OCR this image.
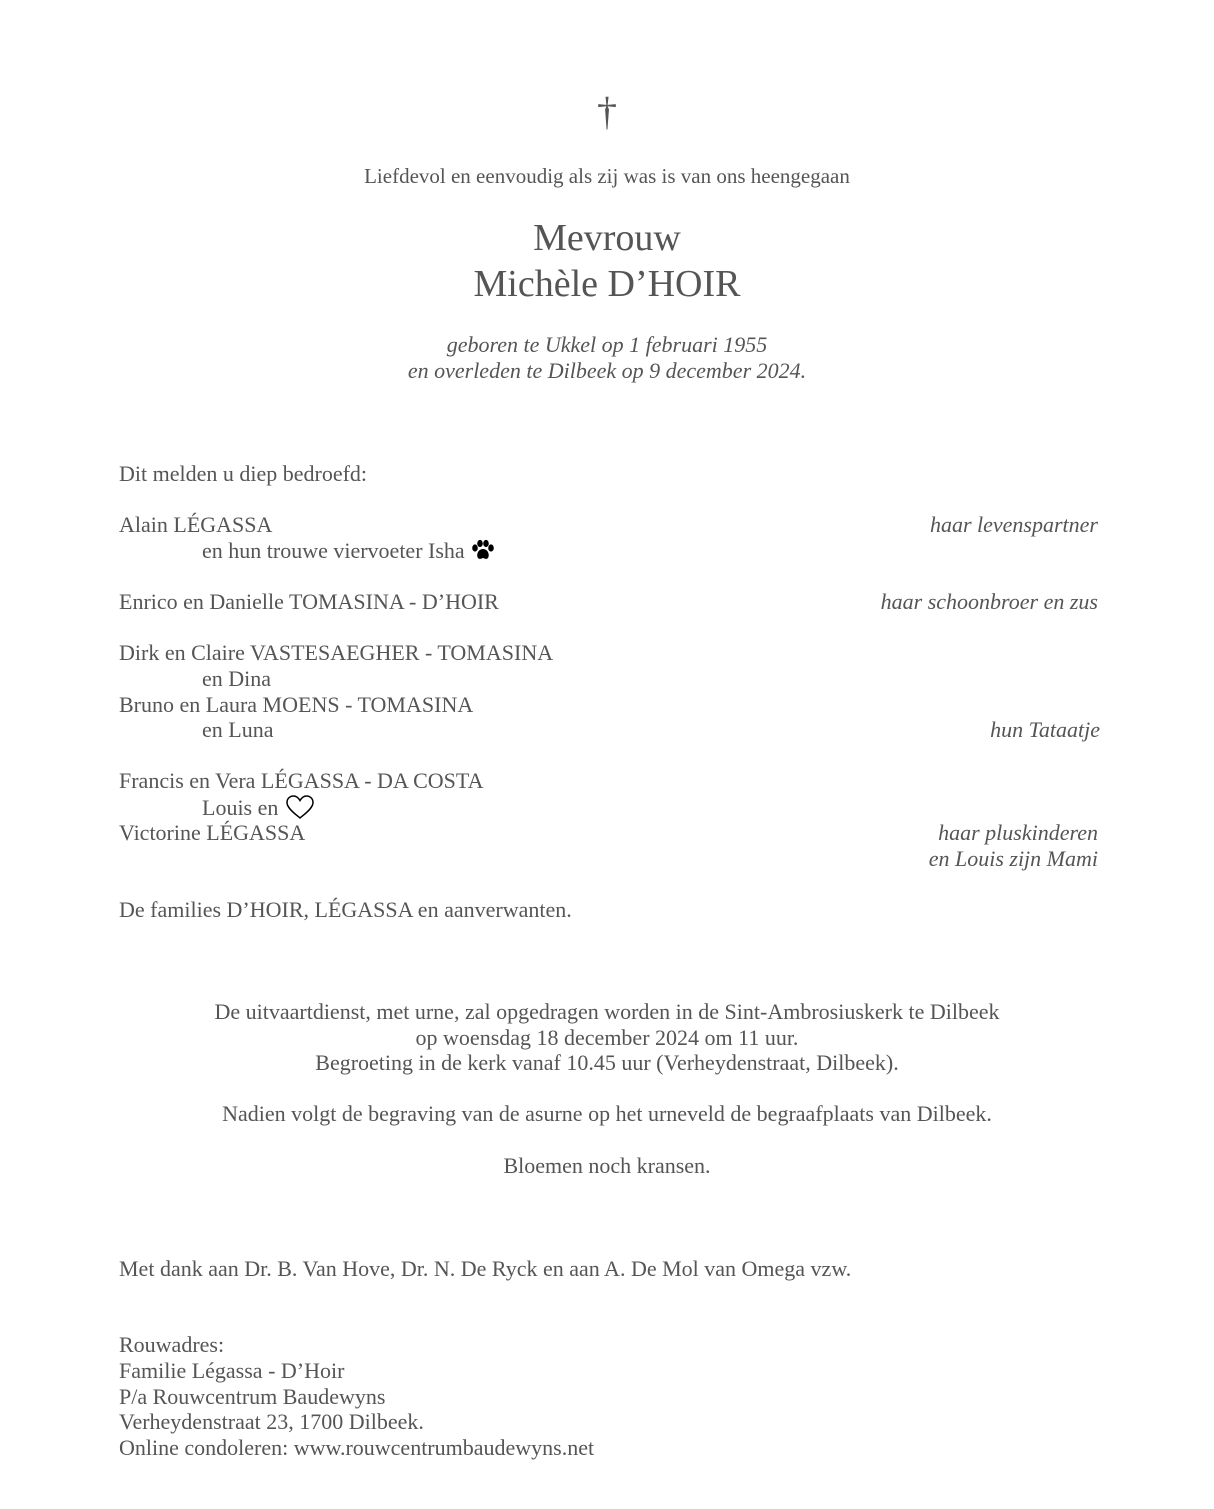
†
Liefdevol en eenvoudig als zij was is van ons heengegaan
Mevrouw
Michèle D’HOIR
geboren te Ukkel op 1 februari 1955
en overleden te Dilbeek op 9 december 2024.
Dit melden u diep bedroefd:
Alain LÉGASSA	haar levenspartner
en hun trouwe viervoeter Isha
Enrico en Danielle TOMASINA - D’HOIR	haar schoonbroer en zus
Dirk en Claire VASTESAEGHER - TOMASINA
en Dina
Bruno en Laura MOENS - TOMASINA
en Luna	hun Tataatje
Francis en Vera LÉGASSA - DA COSTA
Louis en
Victorine LÉGASSA	haar pluskinderen
en Louis zijn Mami
De families D’HOIR, LÉGASSA en aanverwanten.
De uitvaartdienst, met urne, zal opgedragen worden in de Sint-Ambrosiuskerk te Dilbeek
op woensdag 18 december 2024 om 11 uur.
Begroeting in de kerk vanaf 10.45 uur (Verheydenstraat, Dilbeek).
Nadien volgt de begraving van de asurne op het urneveld de begraafplaats van Dilbeek.
Bloemen noch kransen.
Met dank aan Dr. B. Van Hove, Dr. N. De Ryck en aan A. De Mol van Omega vzw.
Rouwadres:
Familie Légassa - D’Hoir
P/a Rouwcentrum Baudewyns
Verheydenstraat 23, 1700 Dilbeek.
Online condoleren: www.rouwcentrumbaudewyns.net
